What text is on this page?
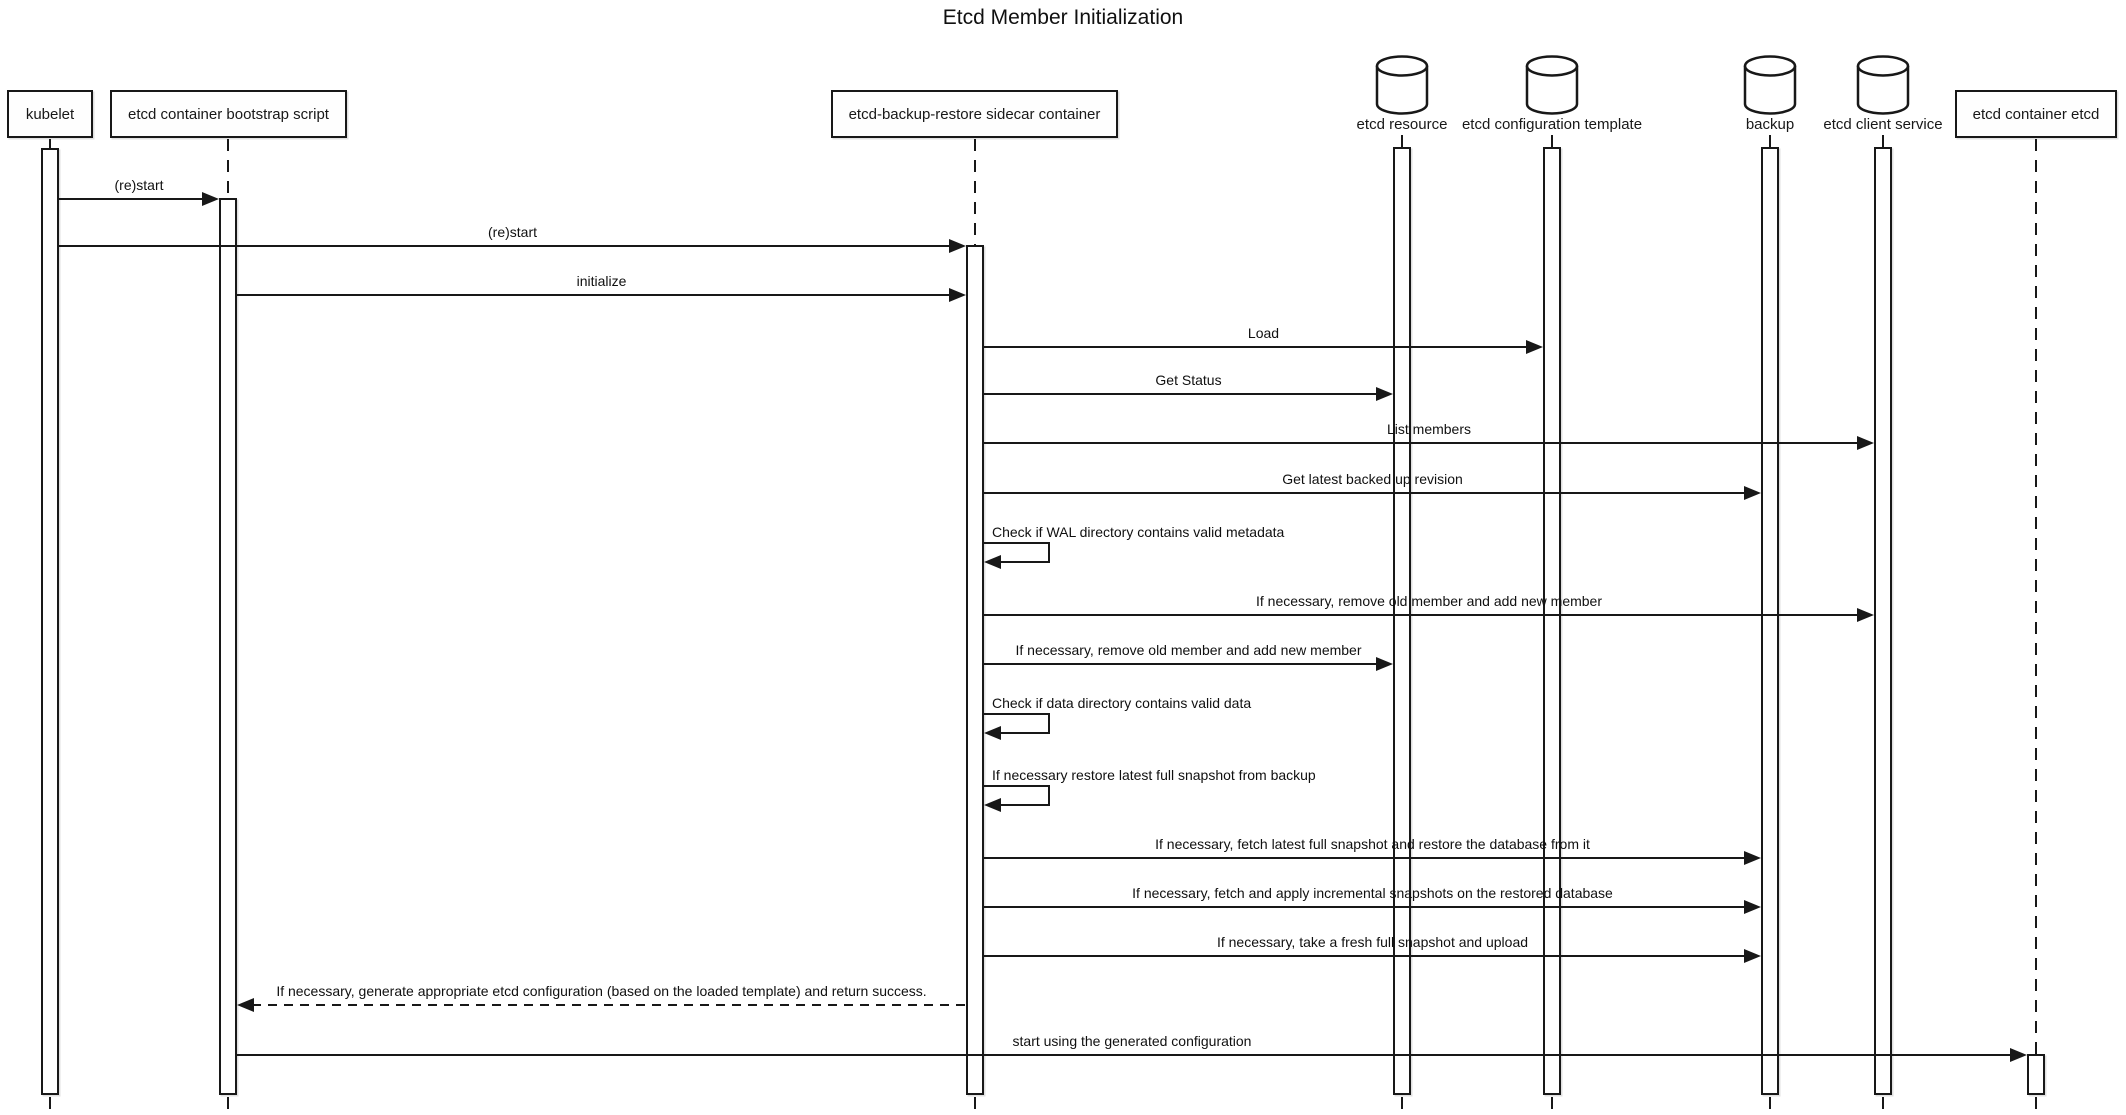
Etcd Member Initialization
kubelet	etcd container bootstrap script	etcd-backup-restore sidecar container
etcd resource etcd configuration template	backup etcd client service
etcd container etcd
(re)start
(re)start
initialize
Load
Get Status
List members
Get latest backed up revision
Check if WAL directory contains valid metadata
If necessary, remove old member and add new member
If necessary, remove old member and add new member
Check if data directory contains valid data
If necessary restore latest full snapshot from backup
If necessary, fetch latest full snapshot and restore the database from it
If necessary, fetch and apply incremental snapshots on the restored database
If necessary, take a fresh full snapshot and upload
If necessary, generate appropriate etcd configuration (based on the loaded template) and return success.
start using the generated configuration
